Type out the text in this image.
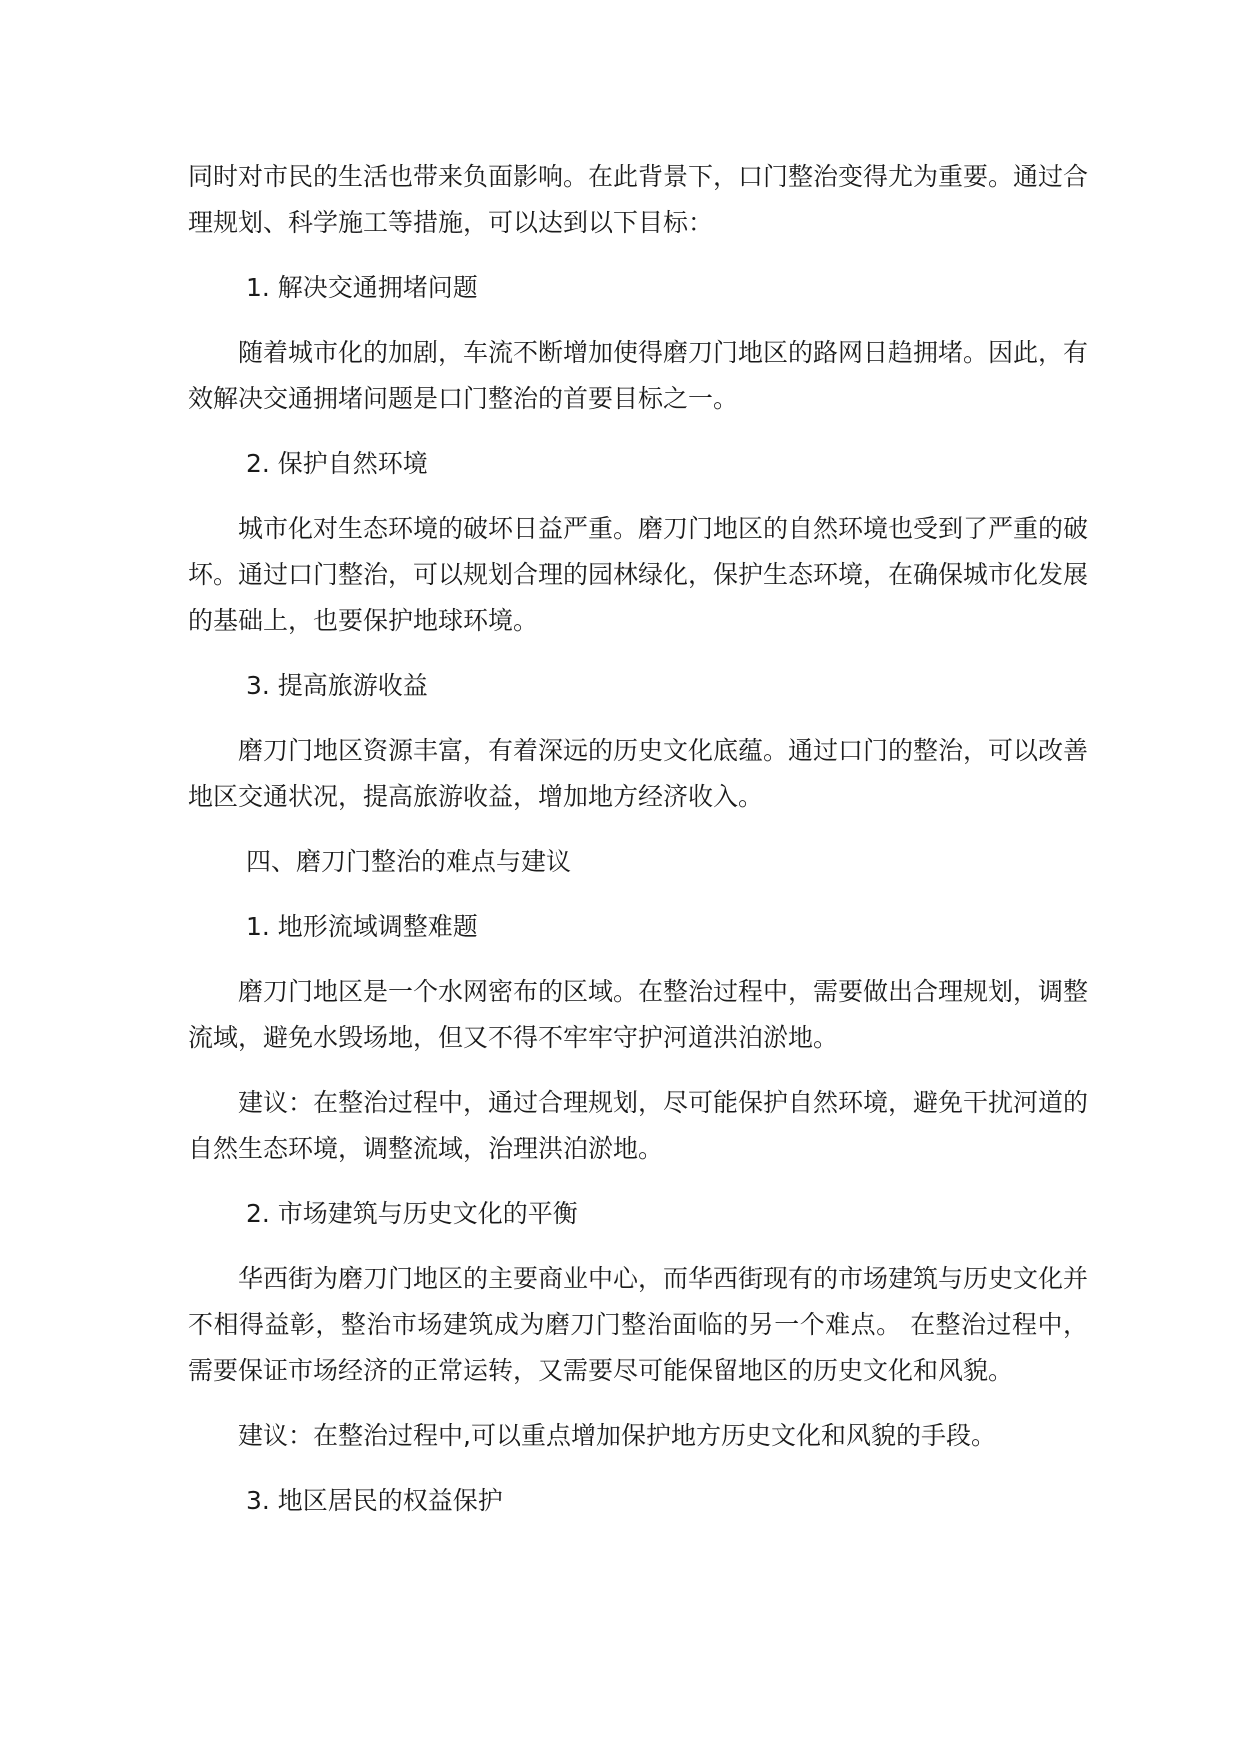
同时对市民的生活也带来负面影响。在此背景下，口门整治变得尤为重要。通过合理规划、科学施工等措施，可以达到以下目标：

1. 解决交通拥堵问题

随着城市化的加剧，车流不断增加使得磨刀门地区的路网日趋拥堵。因此，有效解决交通拥堵问题是口门整治的首要目标之一。

2. 保护自然环境

城市化对生态环境的破坏日益严重。磨刀门地区的自然环境也受到了严重的破坏。通过口门整治，可以规划合理的园林绿化，保护生态环境，在确保城市化发展的基础上，也要保护地球环境。

3. 提高旅游收益

磨刀门地区资源丰富，有着深远的历史文化底蕴。通过口门的整治，可以改善地区交通状况，提高旅游收益，增加地方经济收入。

四、磨刀门整治的难点与建议
1. 地形流域调整难题

磨刀门地区是一个水网密布的区域。在整治过程中，需要做出合理规划，调整流域，避免水毁场地，但又不得不牢牢守护河道洪泊淤地。

建议：在整治过程中，通过合理规划，尽可能保护自然环境，避免干扰河道的自然生态环境，调整流域，治理洪泊淤地。

2. 市场建筑与历史文化的平衡

华西街为磨刀门地区的主要商业中心，而华西街现有的市场建筑与历史文化并不相得益彰，整治市场建筑成为磨刀门整治面临的另一个难点。 在整治过程中，需要保证市场经济的正常运转，又需要尽可能保留地区的历史文化和风貌。

建议：在整治过程中,可以重点增加保护地方历史文化和风貌的手段。

3. 地区居民的权益保护
